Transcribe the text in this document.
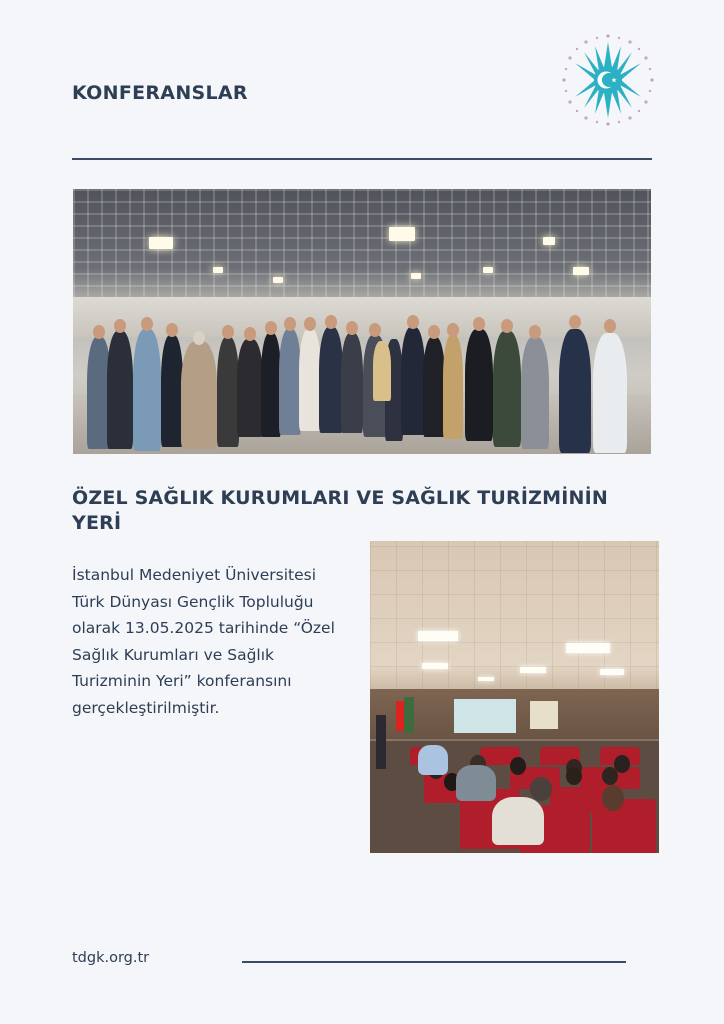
KONFERANSLAR
ÖZEL SAĞLIK KURUMLARI VE SAĞLIK TURİZMİNİN YERİ
İstanbul Medeniyet Üniversitesi Türk Dünyası Gençlik Topluluğu olarak 13.05.2025 tarihinde “Özel Sağlık Kurumları ve Sağlık Turizminin Yeri” konferansını gerçekleştirilmiştir.
tdgk.org.tr
